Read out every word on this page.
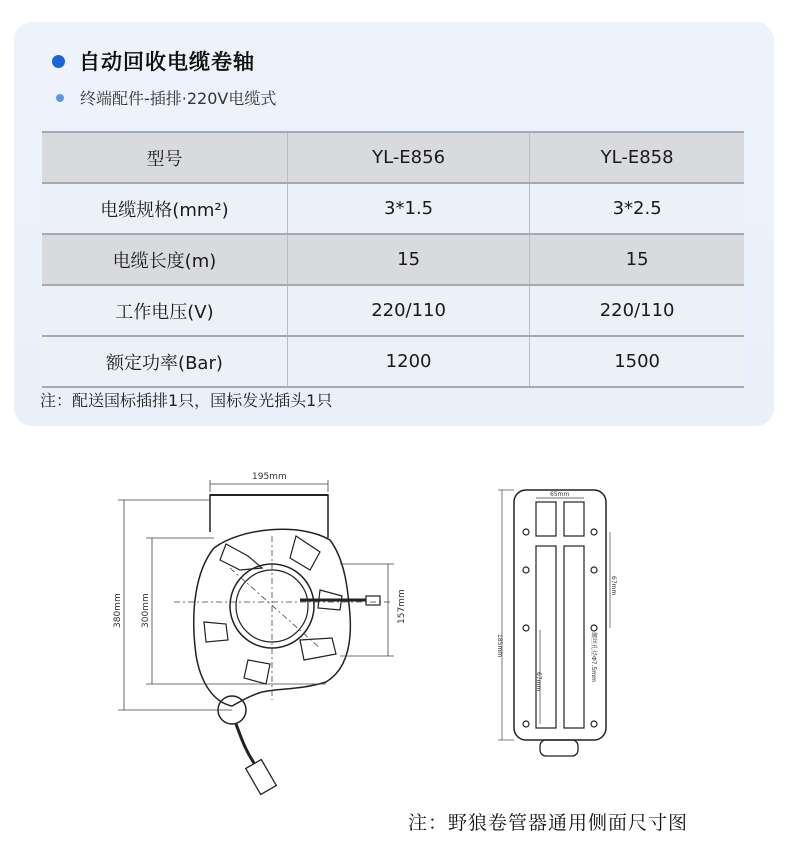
自动回收电缆卷轴
终端配件-插排·220V电缆式
型号	YL-E856	YL-E858
电缆规格(mm²)	3*1.5	3*2.5
电缆长度(m)	15	15
工作电压(V)	220/110	220/110
额定功率(Bar)	1200	1500
注：配送国标插排1只，国标发光插头1只
195mm
380mm 300mm	157mm
65mm
185mm
67mm
67mm	螺丝孔径Φ7.5mm
注：野狼卷管器通用侧面尺寸图
